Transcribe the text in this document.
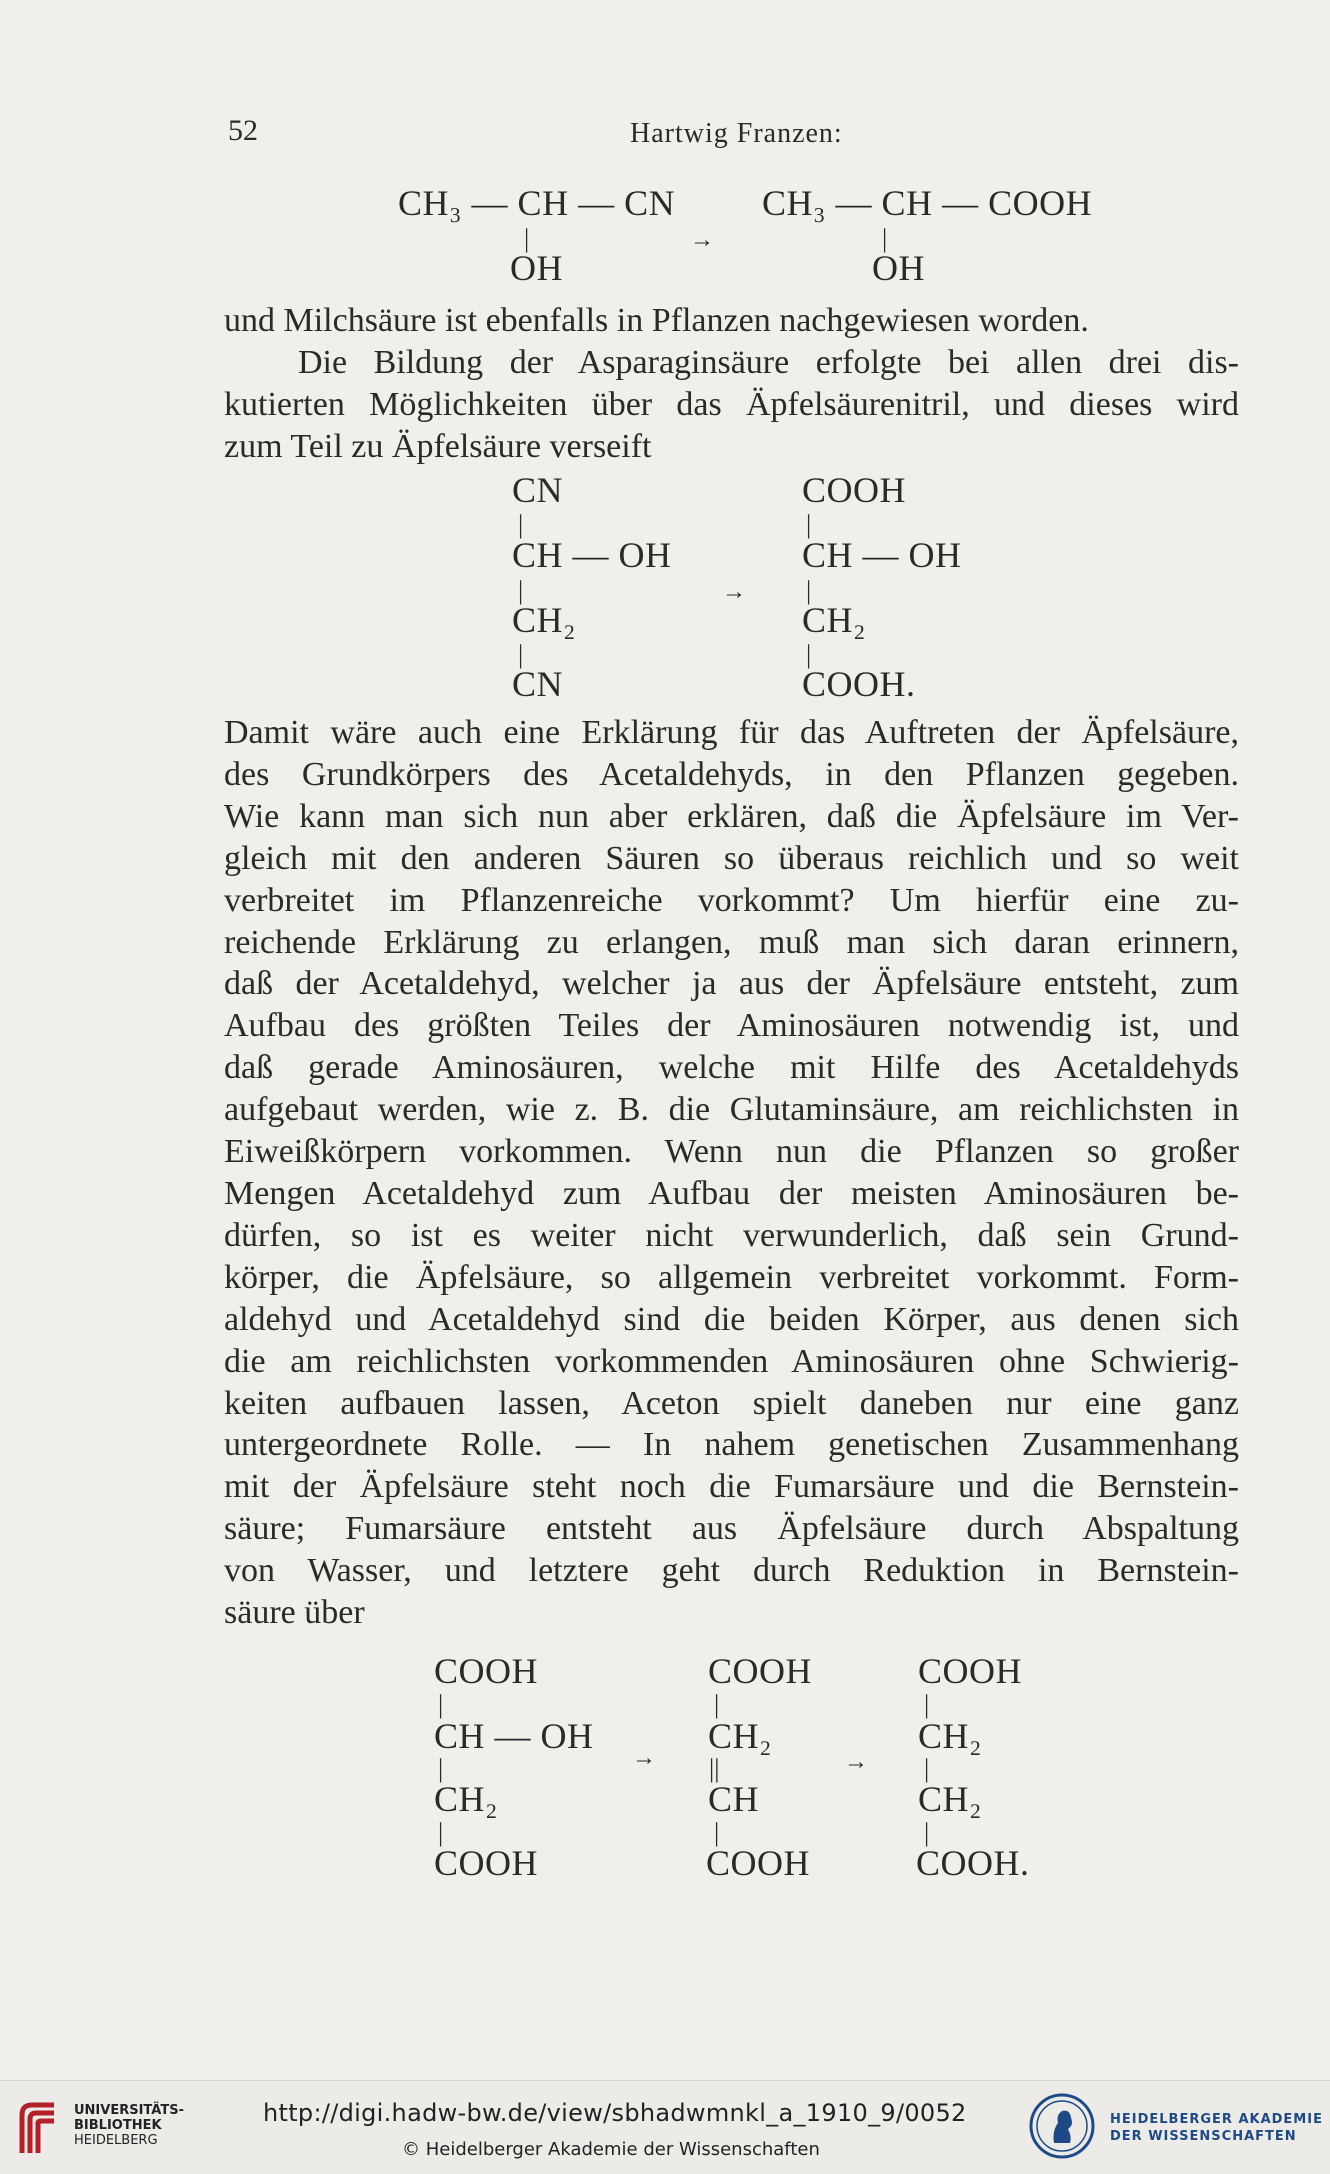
52	Hartwig Franzen:
CH₃ — CH — CN CH₃ — CH — COOH
|	→	|
OH	OH
und Milchsäure ist ebenfalls in Pflanzen nachgewiesen worden.
Die Bildung der Asparaginsäure erfolgte bei allen drei dis-
kutierten Möglichkeiten über das Äpfelsäurenitril, und dieses wird
zum Teil zu Äpfelsäure verseift
CN
|
CH — OH
|
CH₂
|
CN
→
COOH
|
CH — OH
|
CH₂
|
COOH.
Damit wäre auch eine Erklärung für das Auftreten der Äpfelsäure,
des Grundkörpers des Acetaldehyds, in den Pflanzen gegeben.
Wie kann man sich nun aber erklären, daß die Äpfelsäure im Ver-
gleich mit den anderen Säuren so überaus reichlich und so weit
verbreitet im Pflanzenreiche vorkommt? Um hierfür eine zu-
reichende Erklärung zu erlangen, muß man sich daran erinnern,
daß der Acetaldehyd, welcher ja aus der Äpfelsäure entsteht, zum
Aufbau des größten Teiles der Aminosäuren notwendig ist, und
daß gerade Aminosäuren, welche mit Hilfe des Acetaldehyds
aufgebaut werden, wie z. B. die Glutaminsäure, am reichlichsten in
Eiweißkörpern vorkommen. Wenn nun die Pflanzen so großer
Mengen Acetaldehyd zum Aufbau der meisten Aminosäuren be-
dürfen, so ist es weiter nicht verwunderlich, daß sein Grund-
körper, die Äpfelsäure, so allgemein verbreitet vorkommt. Form-
aldehyd und Acetaldehyd sind die beiden Körper, aus denen sich
die am reichlichsten vorkommenden Aminosäuren ohne Schwierig-
keiten aufbauen lassen, Aceton spielt daneben nur eine ganz
untergeordnete Rolle. — In nahem genetischen Zusammenhang
mit der Äpfelsäure steht noch die Fumarsäure und die Bernstein-
säure; Fumarsäure entsteht aus Äpfelsäure durch Abspaltung
von Wasser, und letztere geht durch Reduktion in Bernstein-
säure über
COOH
|
CH — OH
|
CH₂
|
COOH
→
COOH
|
CH₂
||
CH
|
COOH
→
COOH
|
CH₂
|
CH₂
|
COOH.
UNIVERSITÄTS-
BIBLIOTHEK
HEIDELBERG
http://digi.hadw-bw.de/view/sbhadwmnkl_a_1910_9/0052
© Heidelberger Akademie der Wissenschaften
HEIDELBERGER AKADEMIE
DER WISSENSCHAFTEN
